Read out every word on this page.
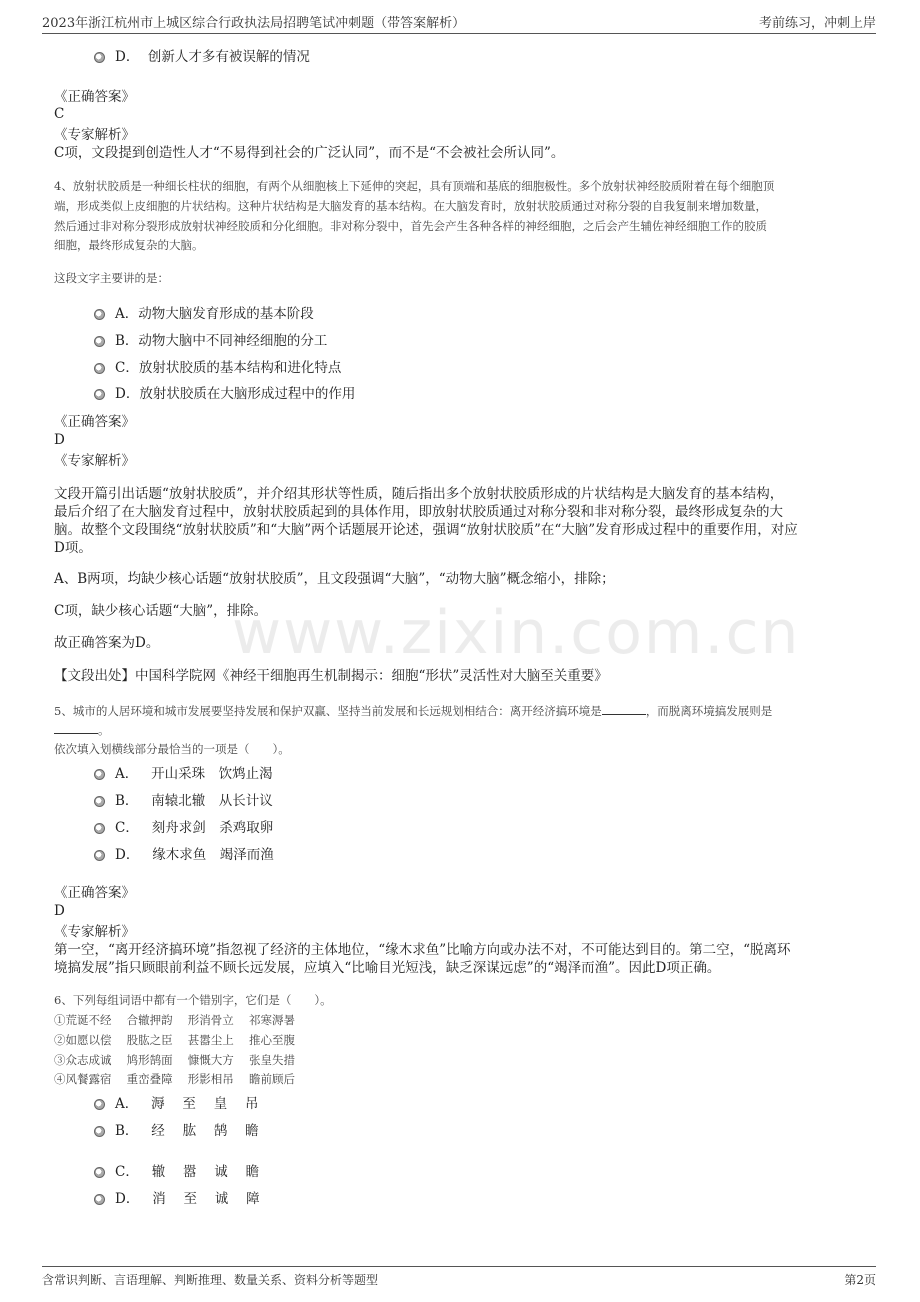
2023年浙江杭州市上城区综合行政执法局招聘笔试冲刺题（带答案解析）	考前练习，冲刺上岸
www.zixin.com.cn
D．  创新人才多有被误解的情况
《正确答案》
C
《专家解析》
C项，文段提到创造性人才“不易得到社会的广泛认同”，而不是“不会被社会所认同”。
4、放射状胶质是一种细长柱状的细胞，有两个从细胞核上下延伸的突起，具有顶端和基底的细胞极性。多个放射状神经胶质附着在每个细胞顶
端，形成类似上皮细胞的片状结构。这种片状结构是大脑发育的基本结构。在大脑发育时，放射状胶质通过对称分裂的自我复制来增加数量，
然后通过非对称分裂形成放射状神经胶质和分化细胞。非对称分裂中，首先会产生各种各样的神经细胞，之后会产生辅佐神经细胞工作的胶质
细胞，最终形成复杂的大脑。
这段文字主要讲的是：
A．动物大脑发育形成的基本阶段
B．动物大脑中不同神经细胞的分工
C．放射状胶质的基本结构和进化特点
D．放射状胶质在大脑形成过程中的作用
《正确答案》
D
《专家解析》
文段开篇引出话题“放射状胶质”，并介绍其形状等性质，随后指出多个放射状胶质形成的片状结构是大脑发育的基本结构，
最后介绍了在大脑发育过程中，放射状胶质起到的具体作用，即放射状胶质通过对称分裂和非对称分裂，最终形成复杂的大
脑。故整个文段围绕“放射状胶质”和“大脑”两个话题展开论述，强调“放射状胶质”在“大脑”发育形成过程中的重要作用，对应
D项。
A、B两项，均缺少核心话题“放射状胶质”，且文段强调“大脑”，“动物大脑”概念缩小，排除；
C项，缺少核心话题“大脑”，排除。
故正确答案为D。
【文段出处】中国科学院网《神经干细胞再生机制揭示：细胞“形状”灵活性对大脑至关重要》
5、城市的人居环境和城市发展要坚持发展和保护双赢、坚持当前发展和长远规划相结合：离开经济搞环境是	，而脱离环境搞发展则是
。
依次填入划横线部分最恰当的一项是（　　）。
A．   开山采珠　饮鸩止渴
B．   南辕北辙　从长计议
C．   刻舟求剑　杀鸡取卵
D．   缘木求鱼　竭泽而渔
《正确答案》
D
《专家解析》
第一空，“离开经济搞环境”指忽视了经济的主体地位，“缘木求鱼”比喻方向或办法不对，不可能达到目的。第二空，“脱离环
境搞发展”指只顾眼前利益不顾长远发展，应填入“比喻目光短浅，缺乏深谋远虑”的“竭泽而渔”。因此D项正确。
6、下列每组词语中都有一个错别字，它们是（　　）。
①荒诞不经　 合辙押韵　 形消骨立　 祁寒溽暑
②如愿以偿　 股肱之臣　 甚嚣尘上　 推心至腹
③众志成诚　 鸠形鹄面　 慷慨大方　 张皇失措
④风餐露宿　 重峦叠障　 形影相吊　 瞻前顾后
A．   溽　 至　 皇　 吊
B．   经　 肱　 鹄　 瞻
C．   辙　 嚣　 诚　 瞻
D．   消　 至　 诚　 障
含常识判断、言语理解、判断推理、数量关系、资料分析等题型	第2页
